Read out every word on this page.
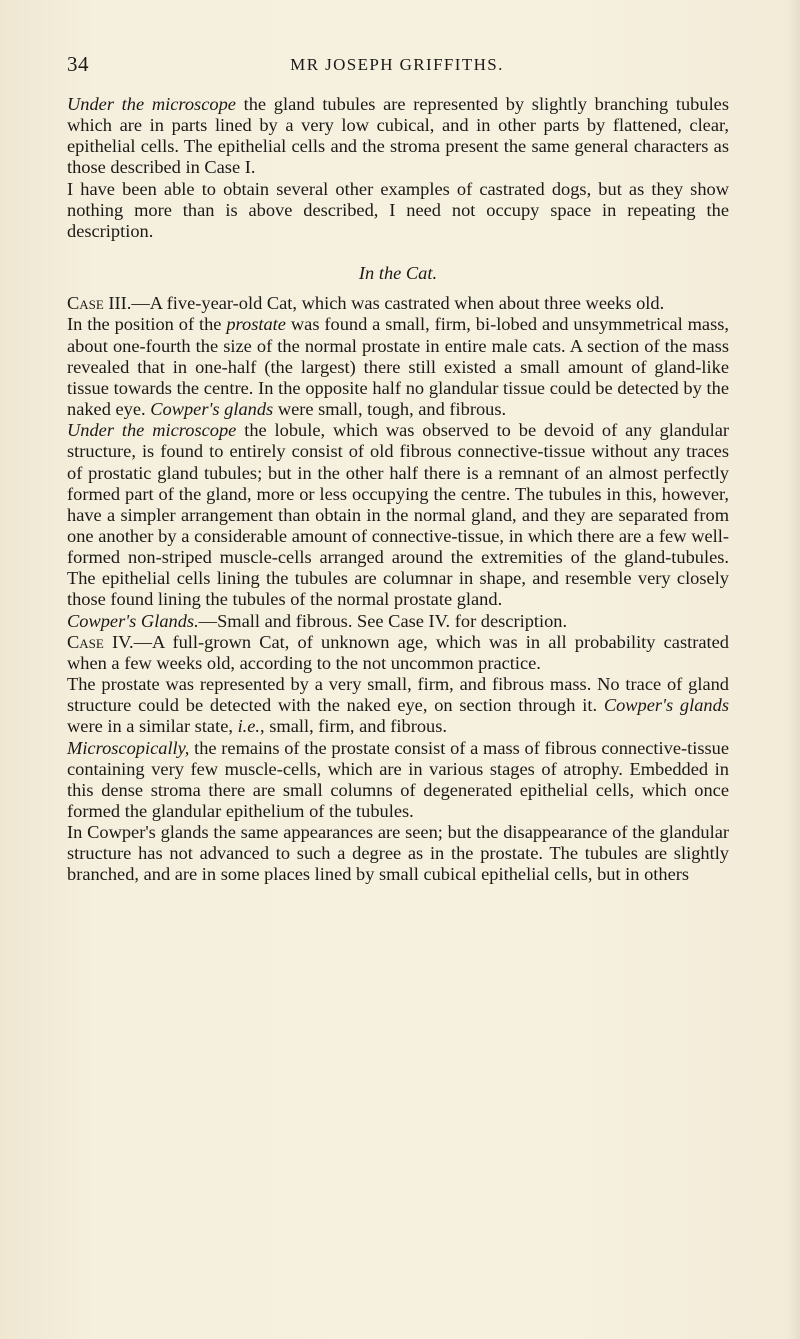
34	MR JOSEPH GRIFFITHS.

Under the microscope the gland tubules are represented by slightly branching tubules which are in parts lined by a very low cubical, and in other parts by flattened, clear, epithelial cells. The epithelial cells and the stroma present the same general characters as those described in Case I.

I have been able to obtain several other examples of castrated dogs, but as they show nothing more than is above described, I need not occupy space in repeating the description.

In the Cat.

Case III.—A five-year-old Cat, which was castrated when about three weeks old.

In the position of the prostate was found a small, firm, bi-lobed and unsymmetrical mass, about one-fourth the size of the normal prostate in entire male cats. A section of the mass revealed that in one-half (the largest) there still existed a small amount of gland-like tissue towards the centre. In the opposite half no glandular tissue could be detected by the naked eye. Cowper's glands were small, tough, and fibrous.

Under the microscope the lobule, which was observed to be devoid of any glandular structure, is found to entirely consist of old fibrous connective-tissue without any traces of prostatic gland tubules; but in the other half there is a remnant of an almost perfectly formed part of the gland, more or less occupying the centre. The tubules in this, however, have a simpler arrangement than obtain in the normal gland, and they are separated from one another by a considerable amount of connective-tissue, in which there are a few well-formed non-striped muscle-cells arranged around the extremities of the gland-tubules. The epithelial cells lining the tubules are columnar in shape, and resemble very closely those found lining the tubules of the normal prostate gland.

Cowper's Glands.—Small and fibrous. See Case IV. for description.

Case IV.—A full-grown Cat, of unknown age, which was in all probability castrated when a few weeks old, according to the not uncommon practice.

The prostate was represented by a very small, firm, and fibrous mass. No trace of gland structure could be detected with the naked eye, on section through it. Cowper's glands were in a similar state, i.e., small, firm, and fibrous.

Microscopically, the remains of the prostate consist of a mass of fibrous connective-tissue containing very few muscle-cells, which are in various stages of atrophy. Embedded in this dense stroma there are small columns of degenerated epithelial cells, which once formed the glandular epithelium of the tubules.

In Cowper's glands the same appearances are seen; but the disappearance of the glandular structure has not advanced to such a degree as in the prostate. The tubules are slightly branched, and are in some places lined by small cubical epithelial cells, but in others
